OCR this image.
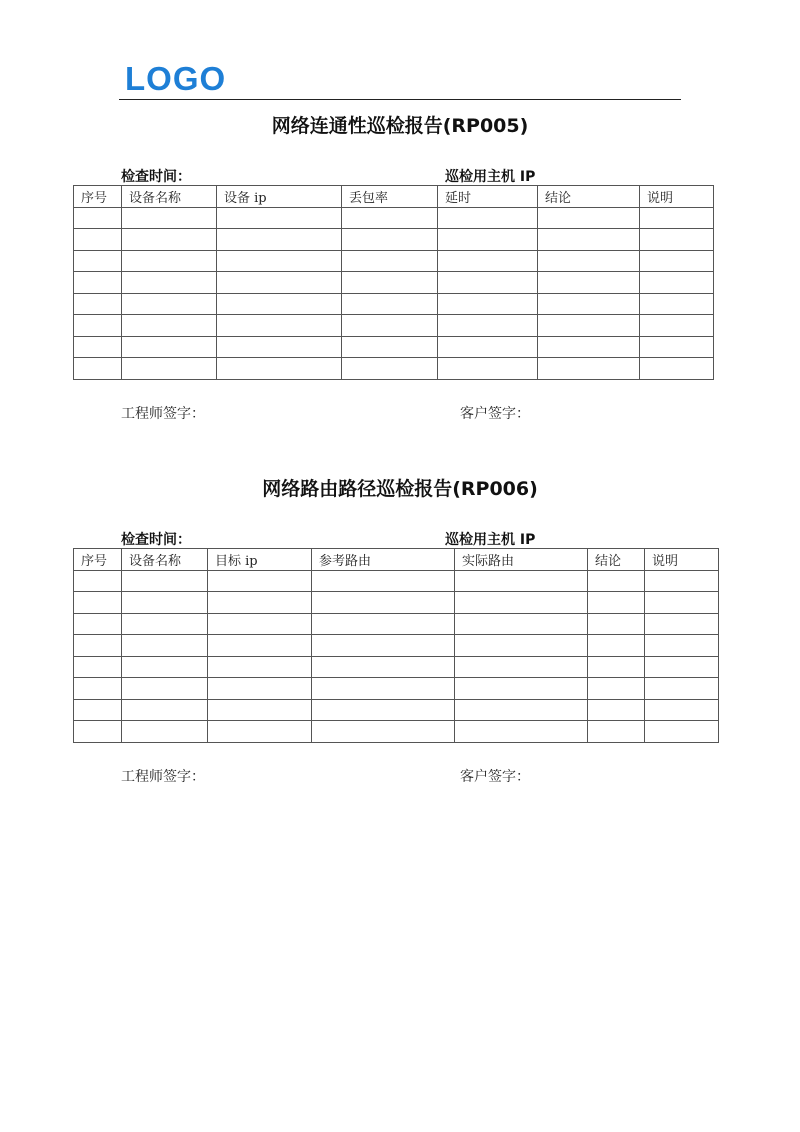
LOGO
网络连通性巡检报告(RP005)
检查时间：	巡检用主机 IP
序号	设备名称	设备 ip	丢包率	延时	结论	说明

工程师签字：	客户签字：
网络路由路径巡检报告(RP006)
检查时间：	巡检用主机 IP
序号	设备名称	目标 ip	参考路由	实际路由	结论	说明

工程师签字：	客户签字：
